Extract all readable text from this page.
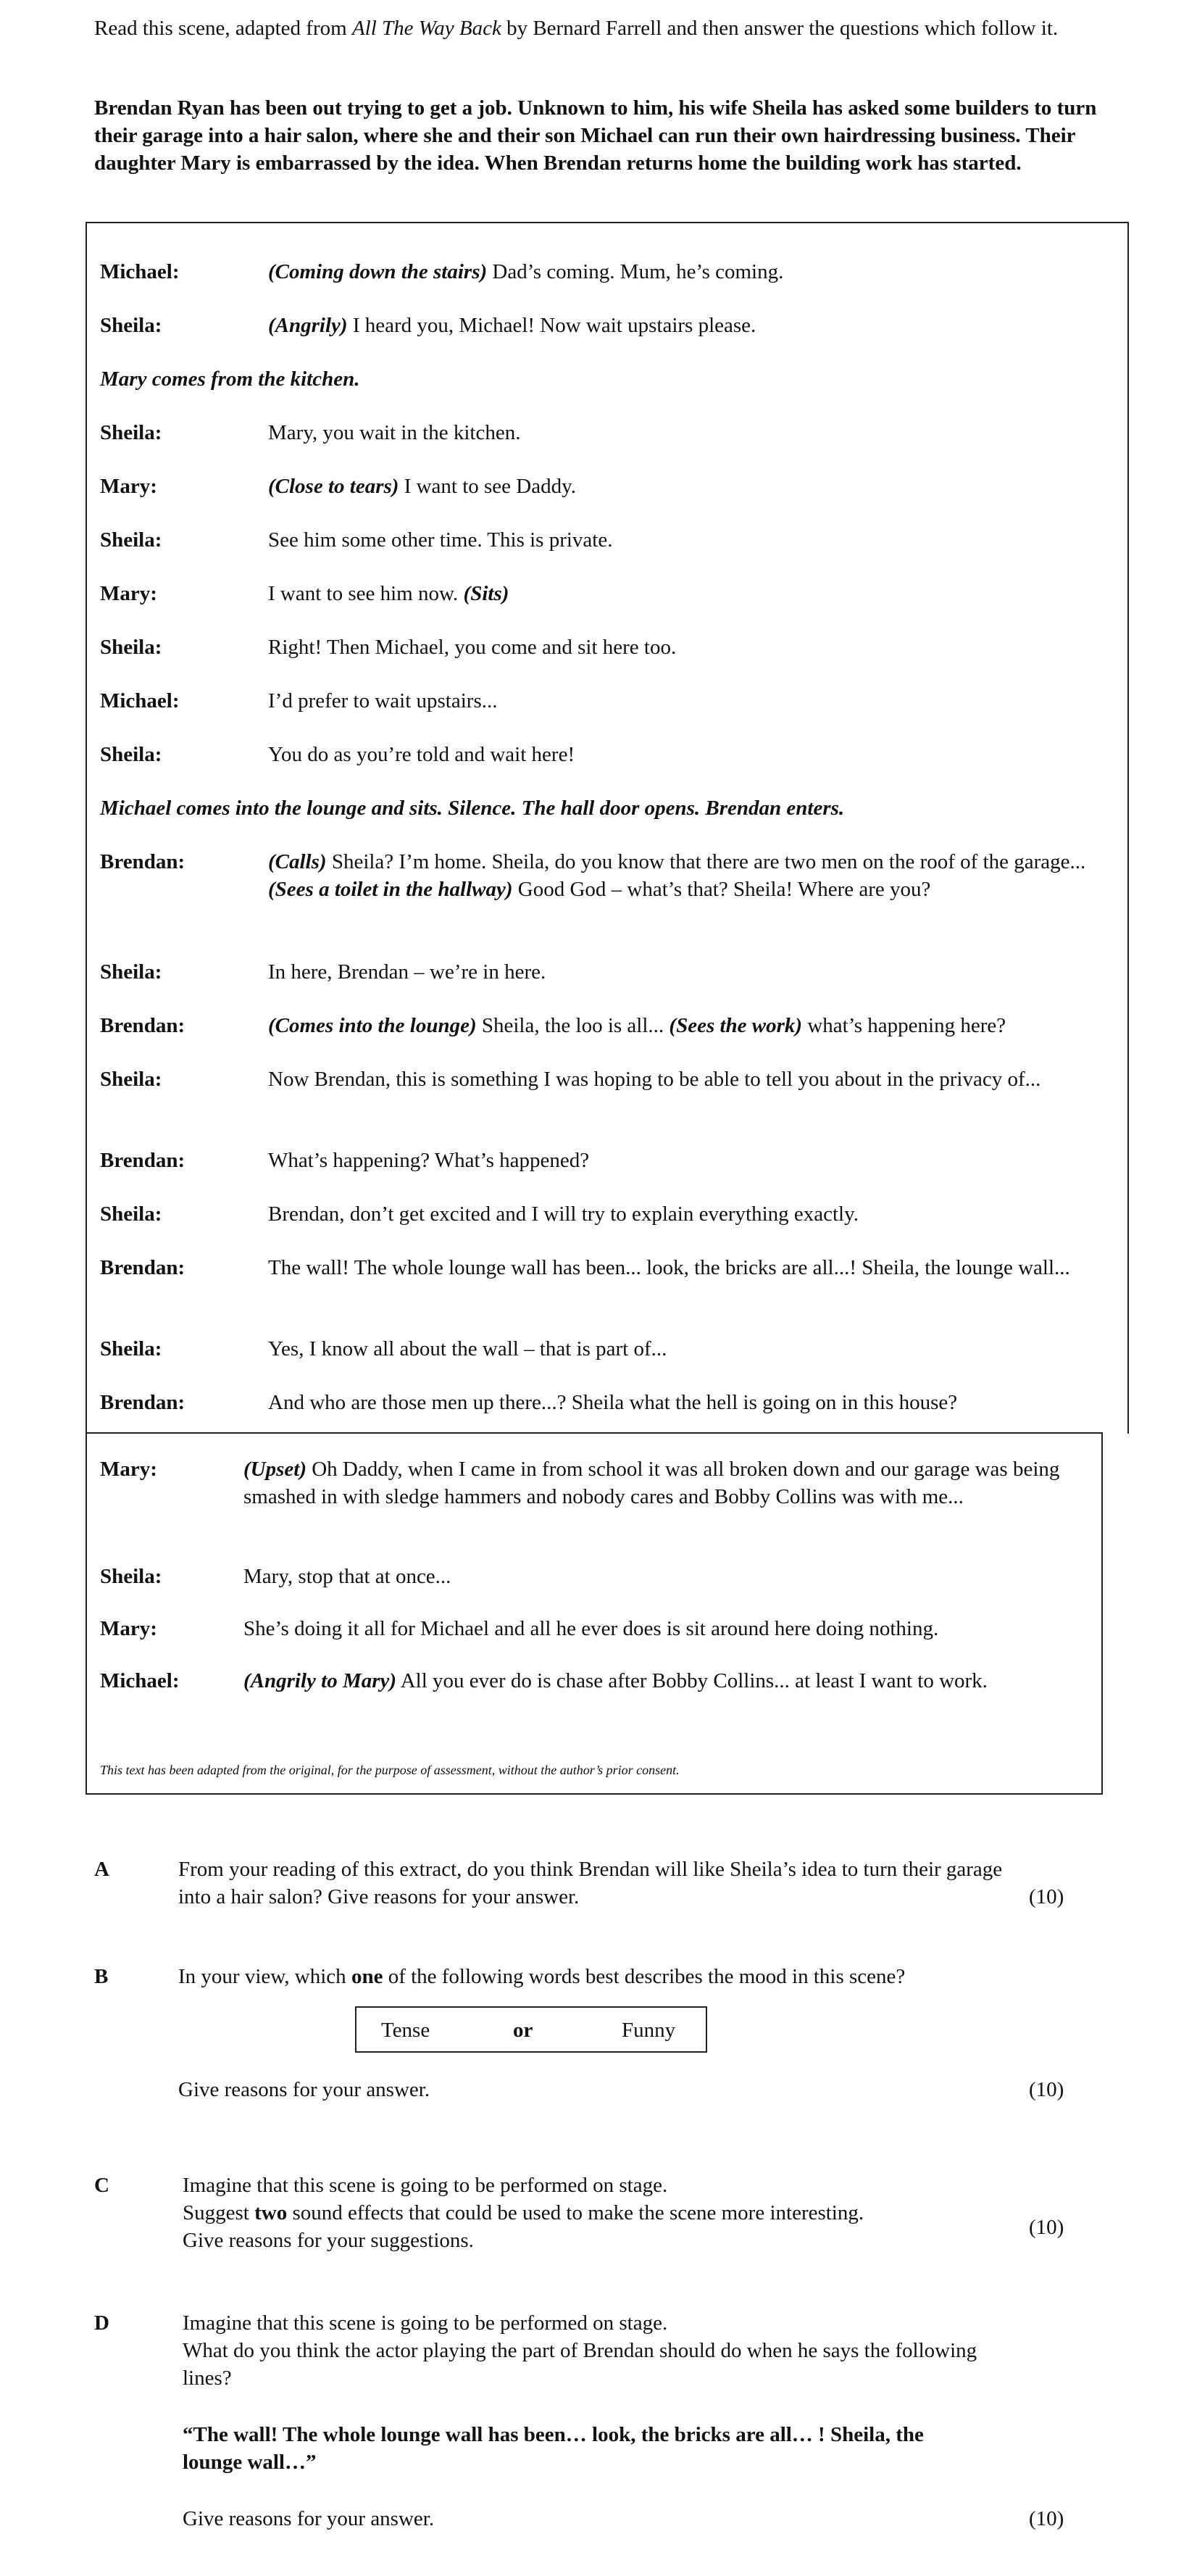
Read this scene, adapted from All The Way Back by Bernard Farrell and then answer the questions which follow it.
Brendan Ryan has been out trying to get a job. Unknown to him, his wife Sheila has asked some builders to turn their garage into a hair salon, where she and their son Michael can run their own hairdressing business. Their daughter Mary is embarrassed by the idea. When Brendan returns home the building work has started.
Michael:	(Coming down the stairs) Dad’s coming. Mum, he’s coming.
Sheila:	(Angrily) I heard you, Michael! Now wait upstairs please.
Mary comes from the kitchen.
Sheila:	Mary, you wait in the kitchen.
Mary:	(Close to tears) I want to see Daddy.
Sheila:	See him some other time. This is private.
Mary:	I want to see him now. (Sits)
Sheila:	Right! Then Michael, you come and sit here too.
Michael:	I’d prefer to wait upstairs...
Sheila:	You do as you’re told and wait here!
Michael comes into the lounge and sits. Silence. The hall door opens. Brendan enters.
Brendan:	(Calls) Sheila? I’m home. Sheila, do you know that there are two men on the roof of the garage... (Sees a toilet in the hallway) Good God – what’s that? Sheila! Where are you?
Sheila:	In here, Brendan – we’re in here.
Brendan:	(Comes into the lounge) Sheila, the loo is all... (Sees the work) what’s happening here?
Sheila:	Now Brendan, this is something I was hoping to be able to tell you about in the privacy of...
Brendan:	What’s happening? What’s happened?
Sheila:	Brendan, don’t get excited and I will try to explain everything exactly.
Brendan:	The wall! The whole lounge wall has been... look, the bricks are all...! Sheila, the lounge wall...
Sheila:	Yes, I know all about the wall – that is part of...
Brendan:	And who are those men up there...? Sheila what the hell is going on in this house?
Mary:	(Upset) Oh Daddy, when I came in from school it was all broken down and our garage was being smashed in with sledge hammers and nobody cares and Bobby Collins was with me...
Sheila:	Mary, stop that at once...
Mary:	She’s doing it all for Michael and all he ever does is sit around here doing nothing.
Michael:	(Angrily to Mary) All you ever do is chase after Bobby Collins... at least I want to work.
This text has been adapted from the original, for the purpose of assessment, without the author’s prior consent.
A	From your reading of this extract, do you think Brendan will like Sheila’s idea to turn their garage into a hair salon? Give reasons for your answer.	(10)
B	In your view, which one of the following words best describes the mood in this scene?
Tense	or	Funny
Give reasons for your answer.	(10)
C	Imagine that this scene is going to be performed on stage.
Suggest two sound effects that could be used to make the scene more interesting.
Give reasons for your suggestions.
(10)
D	Imagine that this scene is going to be performed on stage.
What do you think the actor playing the part of Brendan should do when he says the following lines?
“The wall! The whole lounge wall has been… look, the bricks are all… ! Sheila, the lounge wall…”
Give reasons for your answer.	(10)
